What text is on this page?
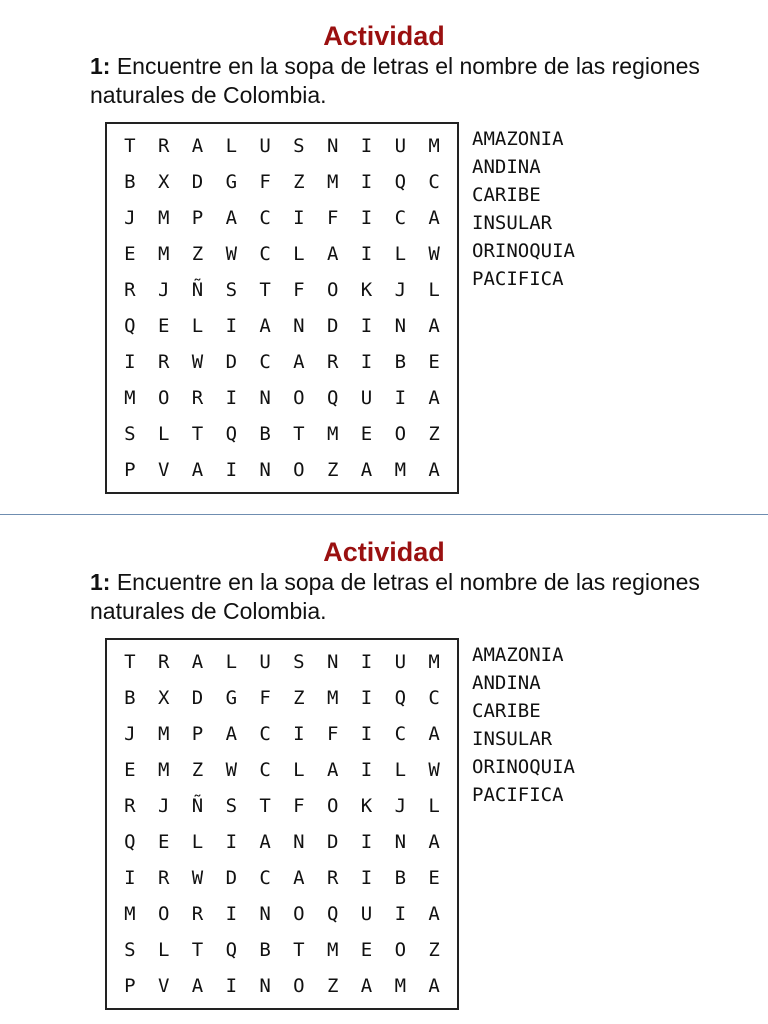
Actividad
1: Encuentre en la sopa de letras el nombre de las regiones naturales de Colombia.
T	R	A	L	U	S	N	I	U	M
B	X	D	G	F	Z	M	I	Q	C
J	M	P	A	C	I	F	I	C	A
E	M	Z	W	C	L	A	I	L	W
R	J	Ñ	S	T	F	O	K	J	L
Q	E	L	I	A	N	D	I	N	A
I	R	W	D	C	A	R	I	B	E
M	O	R	I	N	O	Q	U	I	A
S	L	T	Q	B	T	M	E	O	Z
P	V	A	I	N	O	Z	A	M	A
AMAZONIA
ANDINA
CARIBE
INSULAR
ORINOQUIA
PACIFICA
Actividad
1: Encuentre en la sopa de letras el nombre de las regiones naturales de Colombia.
T	R	A	L	U	S	N	I	U	M
B	X	D	G	F	Z	M	I	Q	C
J	M	P	A	C	I	F	I	C	A
E	M	Z	W	C	L	A	I	L	W
R	J	Ñ	S	T	F	O	K	J	L
Q	E	L	I	A	N	D	I	N	A
I	R	W	D	C	A	R	I	B	E
M	O	R	I	N	O	Q	U	I	A
S	L	T	Q	B	T	M	E	O	Z
P	V	A	I	N	O	Z	A	M	A
AMAZONIA
ANDINA
CARIBE
INSULAR
ORINOQUIA
PACIFICA
